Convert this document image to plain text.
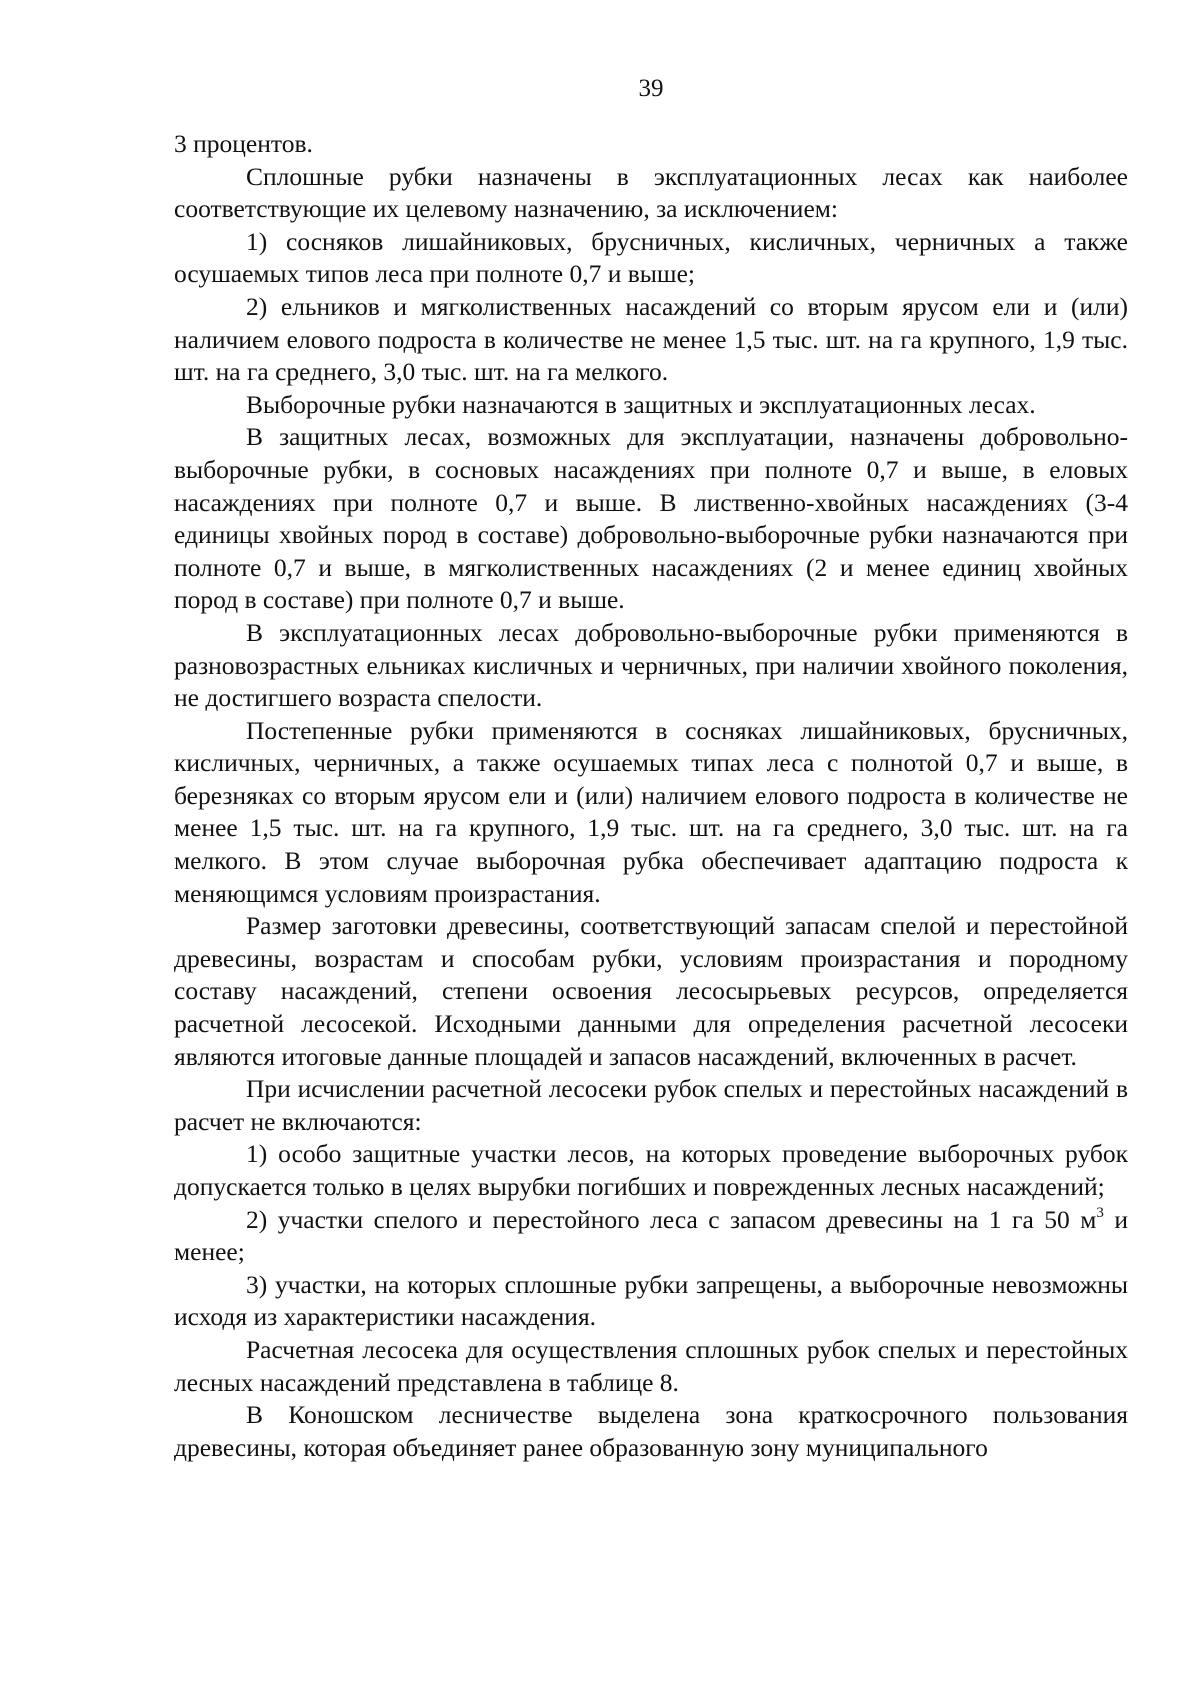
39

3 процентов.

Сплошные рубки назначены в эксплуатационных лесах как наиболее соответствующие их целевому назначению, за исключением:

1) сосняков лишайниковых, брусничных, кисличных, черничных а также осушаемых типов леса при полноте 0,7 и выше;

2) ельников и мягколиственных насаждений со вторым ярусом ели и (или) наличием елового подроста в количестве не менее 1,5 тыс. шт. на га крупного, 1,9 тыс. шт. на га среднего, 3,0 тыс. шт. на га мелкого.

Выборочные рубки назначаются в защитных и эксплуатационных лесах.

В защитных лесах, возможных для эксплуатации, назначены добровольно-выборочные рубки, в сосновых насаждениях при полноте 0,7 и выше, в еловых насаждениях при полноте 0,7 и выше. В лиственно-хвойных насаждениях (3-4 единицы хвойных пород в составе) добровольно-выборочные рубки назначаются при полноте 0,7 и выше, в мягколиственных насаждениях (2 и менее единиц хвойных пород в составе) при полноте 0,7 и выше.

В эксплуатационных лесах добровольно-выборочные рубки применяются в разновозрастных ельниках кисличных и черничных, при наличии хвойного поколения, не достигшего возраста спелости.

Постепенные рубки применяются в сосняках лишайниковых, брусничных, кисличных, черничных, а также осушаемых типах леса с полнотой 0,7 и выше, в березняках со вторым ярусом ели и (или) наличием елового подроста в количестве не менее 1,5 тыс. шт. на га крупного, 1,9 тыс. шт. на га среднего, 3,0 тыс. шт. на га мелкого. В этом случае выборочная рубка обеспечивает адаптацию подроста к меняющимся условиям произрастания.

Размер заготовки древесины, соответствующий запасам спелой и перестойной древесины, возрастам и способам рубки, условиям произрастания и породному составу насаждений, степени освоения лесосырьевых ресурсов, определяется расчетной лесосекой. Исходными данными для определения расчетной лесосеки являются итоговые данные площадей и запасов насаждений, включенных в расчет.

При исчислении расчетной лесосеки рубок спелых и перестойных насаждений в расчет не включаются:

1) особо защитные участки лесов, на которых проведение выборочных рубок допускается только в целях вырубки погибших и поврежденных лесных насаждений;

2) участки спелого и перестойного леса с запасом древесины на 1 га 50 $м^3$ и менее;

3) участки, на которых сплошные рубки запрещены, а выборочные невозможны исходя из характеристики насаждения.

Расчетная лесосека для осуществления сплошных рубок спелых и перестойных лесных насаждений представлена в таблице 8.

В Коношском лесничестве выделена зона краткосрочного пользования древесины, которая объединяет ранее образованную зону муниципального
